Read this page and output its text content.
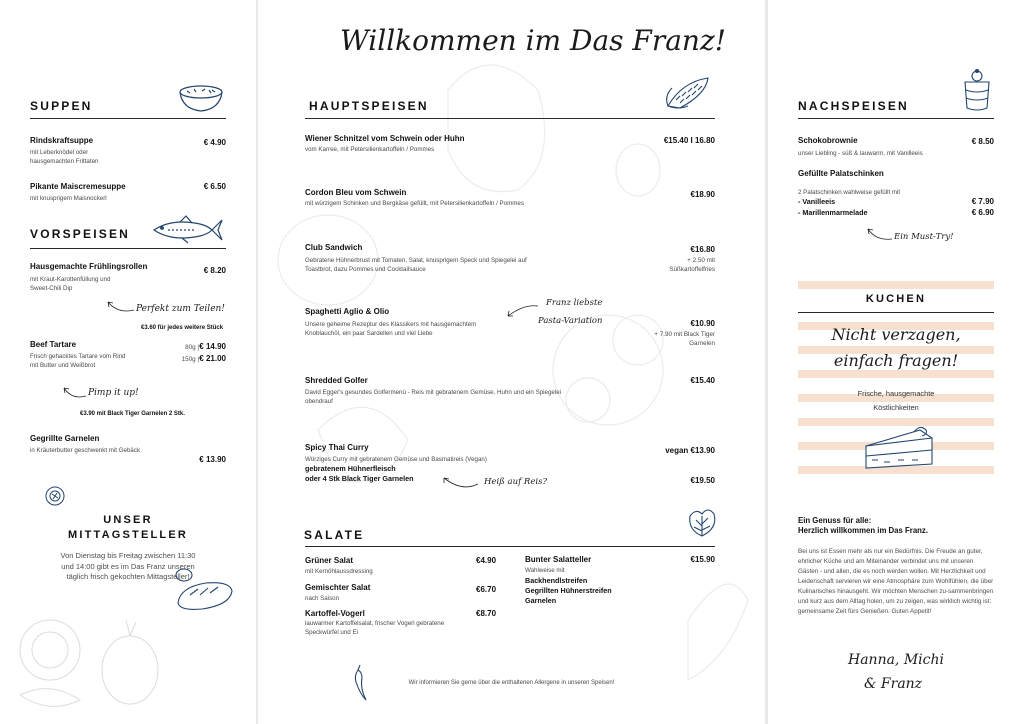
SUPPEN
Rindskraftsuppe	€ 4.90
mit Leberknödel oder hausgemachten Frittaten
Pikante Maiscremesuppe	€ 6.50
mit knusprigem Maisnockerl
VORSPEISEN
Hausgemachte Frühlingsrollen	€ 8.20
mit Kraut-Karottenfüllung und Sweet-Chili Dip
Perfekt zum Teilen!
€3.60 für jedes weitere Stück
Beef Tartare
Frisch gehacktes Tartare vom Rind mit Butter und Weißbrot
80g | € 14.90
150g | € 21.00
Pimp it up!
€3.90 mit Black Tiger Garnelen 2 Stk.
Gegrillte Garnelen
in Kräuterbutter geschwenkt mit Gebäck
€ 13.90
UNSER
MITTAGSTELLER
Von Dienstag bis Freitag zwischen 11:30 und 14:00 gibt es im Das Franz unseren täglich frisch gekochten Mittagsteller!
Willkommen im Das Franz!
HAUPTSPEISEN
Wiener Schnitzel vom Schwein oder Huhn	€15.40 I 16.80
vom Karree, mit Petersilienkartoffeln / Pommes
Cordon Bleu vom Schwein	€18.90
mit würzigem Schinken und Bergkäse gefüllt, mit Petersilienkartoffeln / Pommes
Club Sandwich	€16.80
Gebratene Hühnerbrust mit Tomaten, Salat, knusprigem Speck und Spiegelei auf Toastbrot, dazu Pommes und Cocktailsauce
+ 2.50 mit
Süßkartoffelfries
Spaghetti Aglio & Olio
Unsere geheime Rezeptur des Klassikers mit hausgemachtem Knoblauchöl, ein paar Sardellen und viel Liebe
Franz liebste
Pasta-Variation	€10.90
+ 7.90 mit Black Tiger
Garnelen
Shredded Golfer	€15.40
David Egger's gesundes Golfermenü - Reis mit gebratenem Gemüse, Huhn und ein Spiegelei obendrauf
Spicy Thai Curry	vegan €13.90
Würziges Curry mit gebratenem Gemüse und Basmatireis (Vegan)
gebratenem Hühnerfleisch
oder 4 Stk Black Tiger Garnelen	Heiß auf Reis?	€19.50
SALATE
Grüner Salat	€4.90
mit Kernöhlaussdressing
Gemischter Salat	€6.70
nach Saison
Kartoffel-Vogerl	€8.70
lauwarmer Kartoffelsalat, frischer Vogerl gebratene Speckwürfel und Ei
Bunter Salatteller	€15.90
Wahlweise mit
Backhendlstreifen
Gegrillten Hühnerstreifen
Garnelen
Wir informieren Sie gerne über die enthaltenen Allergene in unseren Speisen!
NACHSPEISEN
Schokobrownie	€ 8.50
unser Liebling - süß & lauwarm, mit Vanilleeis
Gefüllte Palatschinken
2 Palatschinken wahlweise gefüllt mit
- Vanilleeis	€ 7.90
- Marillenmarmelade	€ 6.90
Ein Must-Try!
KUCHEN
Nicht verzagen,
einfach fragen!
Frische, hausgemachte
Köstlichkeiten
Ein Genuss für alle:
Herzlich willkommen im Das Franz.
Bei uns ist Essen mehr als nur ein Bedürfnis. Die Freude an guter, ehrlicher Küche und am Miteinander verbindet uns mit unseren Gästen - und allen, die es noch werden wollen. Mit Herzlichkeit und Leidenschaft servieren wir eine Atmosphäre zum Wohlfühlen, die über Kulinarisches hinausgeht. Wir möchten Menschen zu-sammenbringen und kurz aus dem Alltag holen, um zu zeigen, was wirklich wichtig ist: gemeinsame Zeit fürs Genießen. Guten Appetit!
Hanna, Michi
& Franz
